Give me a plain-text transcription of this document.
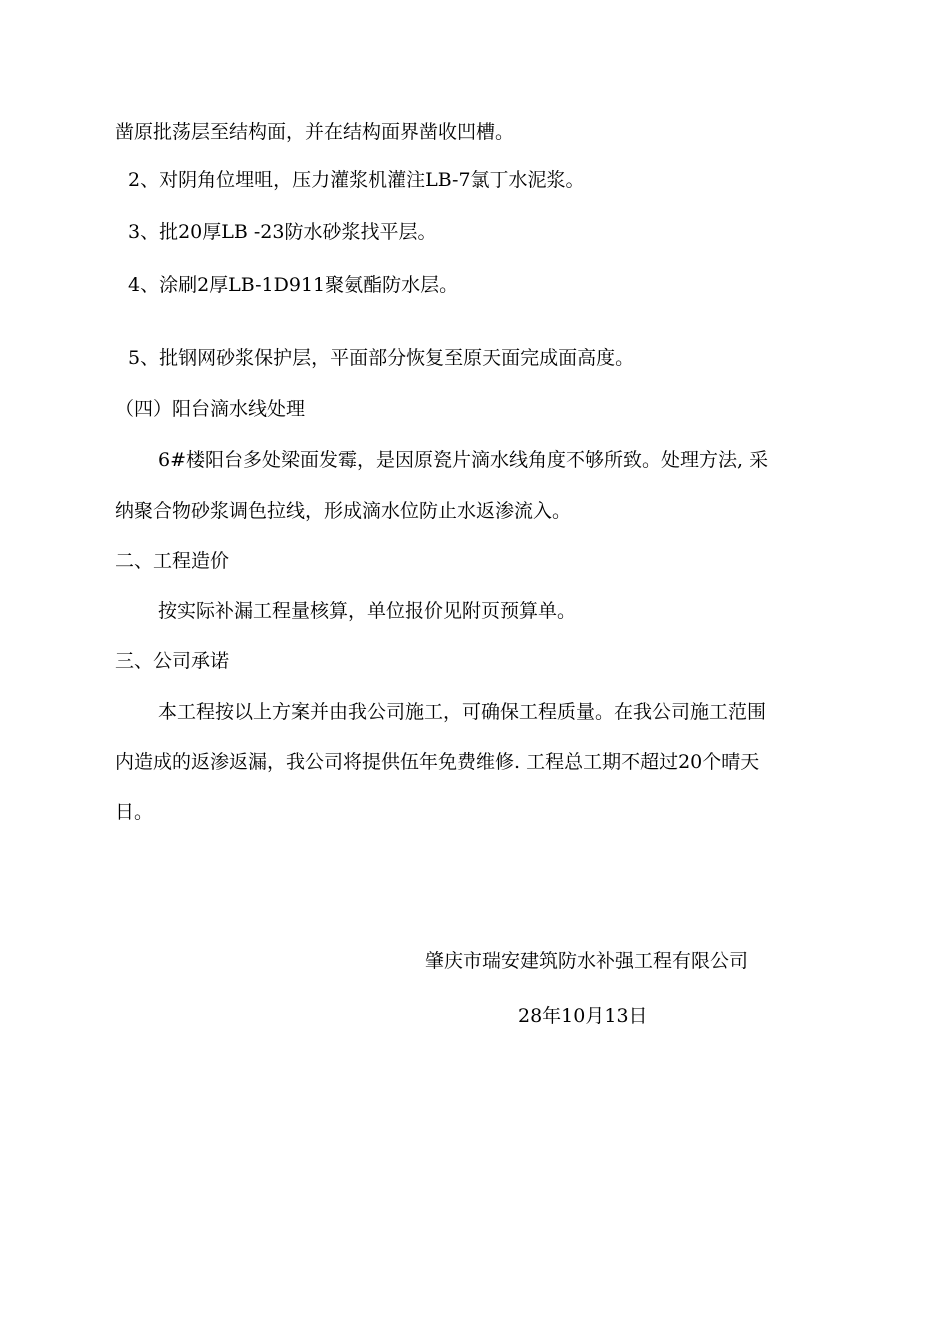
凿原批荡层至结构面，并在结构面界凿收凹槽。
2、对阴角位埋咀，压力灌浆机灌注LB-7氯丁水泥浆。
3、批20厚LB -23防水砂浆找平层。
4、涂刷2厚LB-1D911聚氨酯防水层。
5、批钢网砂浆保护层，平面部分恢复至原天面完成面高度。
（四）阳台滴水线处理
6#楼阳台多处梁面发霉，是因原瓷片滴水线角度不够所致。处理方法, 采
纳聚合物砂浆调色拉线，形成滴水位防止水返渗流入。
二、工程造价
按实际补漏工程量核算，单位报价见附页预算单。
三、公司承诺
本工程按以上方案并由我公司施工，可确保工程质量。在我公司施工范围
内造成的返渗返漏，我公司将提供伍年免费维修. 工程总工期不超过20个晴天
日。
肇庆市瑞安建筑防水补强工程有限公司
28年10月13日
